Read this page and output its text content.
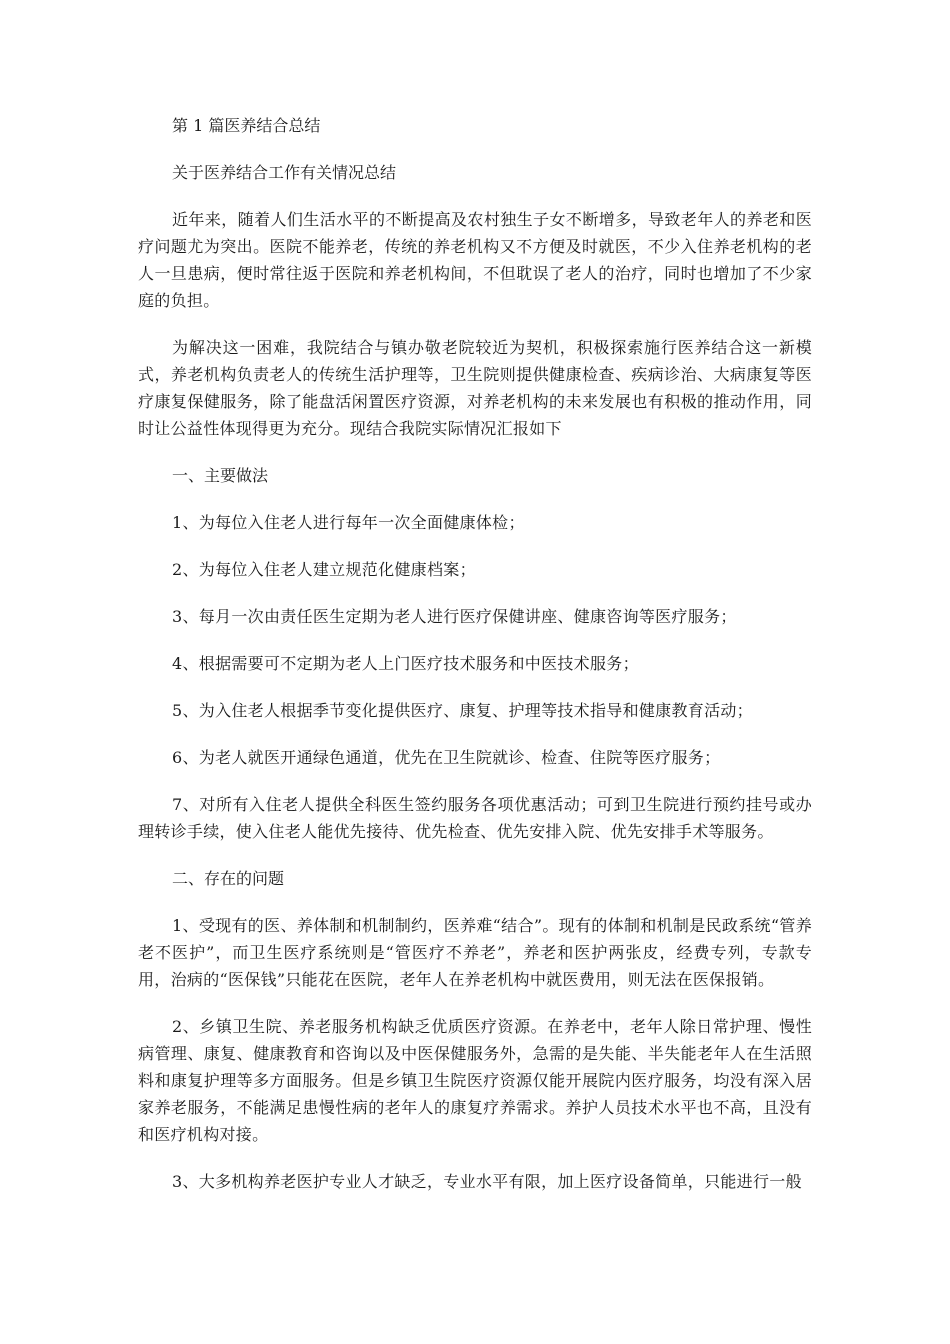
第 1 篇医养结合总结

关于医养结合工作有关情况总结

近年来，随着人们生活水平的不断提高及农村独生子女不断增多，导致老年人的养老和医疗问题尤为突出。医院不能养老，传统的养老机构又不方便及时就医，不少入住养老机构的老人一旦患病，便时常往返于医院和养老机构间，不但耽误了老人的治疗，同时也增加了不少家庭的负担。

为解决这一困难，我院结合与镇办敬老院较近为契机，积极探索施行医养结合这一新模式，养老机构负责老人的传统生活护理等，卫生院则提供健康检查、疾病诊治、大病康复等医疗康复保健服务，除了能盘活闲置医疗资源，对养老机构的未来发展也有积极的推动作用，同时让公益性体现得更为充分。现结合我院实际情况汇报如下

一、主要做法

1、为每位入住老人进行每年一次全面健康体检；

2、为每位入住老人建立规范化健康档案；

3、每月一次由责任医生定期为老人进行医疗保健讲座、健康咨询等医疗服务；

4、根据需要可不定期为老人上门医疗技术服务和中医技术服务；

5、为入住老人根据季节变化提供医疗、康复、护理等技术指导和健康教育活动；

6、为老人就医开通绿色通道，优先在卫生院就诊、检查、住院等医疗服务；

7、对所有入住老人提供全科医生签约服务各项优惠活动；可到卫生院进行预约挂号或办理转诊手续，使入住老人能优先接待、优先检查、优先安排入院、优先安排手术等服务。

二、存在的问题

1、受现有的医、养体制和机制制约，医养难“结合”。现有的体制和机制是民政系统“管养老不医护”，而卫生医疗系统则是“管医疗不养老”，养老和医护两张皮，经费专列，专款专用，治病的“医保钱”只能花在医院，老年人在养老机构中就医费用，则无法在医保报销。

2、乡镇卫生院、养老服务机构缺乏优质医疗资源。在养老中，老年人除日常护理、慢性病管理、康复、健康教育和咨询以及中医保健服务外，急需的是失能、半失能老年人在生活照料和康复护理等多方面服务。但是乡镇卫生院医疗资源仅能开展院内医疗服务，均没有深入居家养老服务，不能满足患慢性病的老年人的康复疗养需求。养护人员技术水平也不高，且没有和医疗机构对接。

3、大多机构养老医护专业人才缺乏，专业水平有限，加上医疗设备简单，只能进行一般
